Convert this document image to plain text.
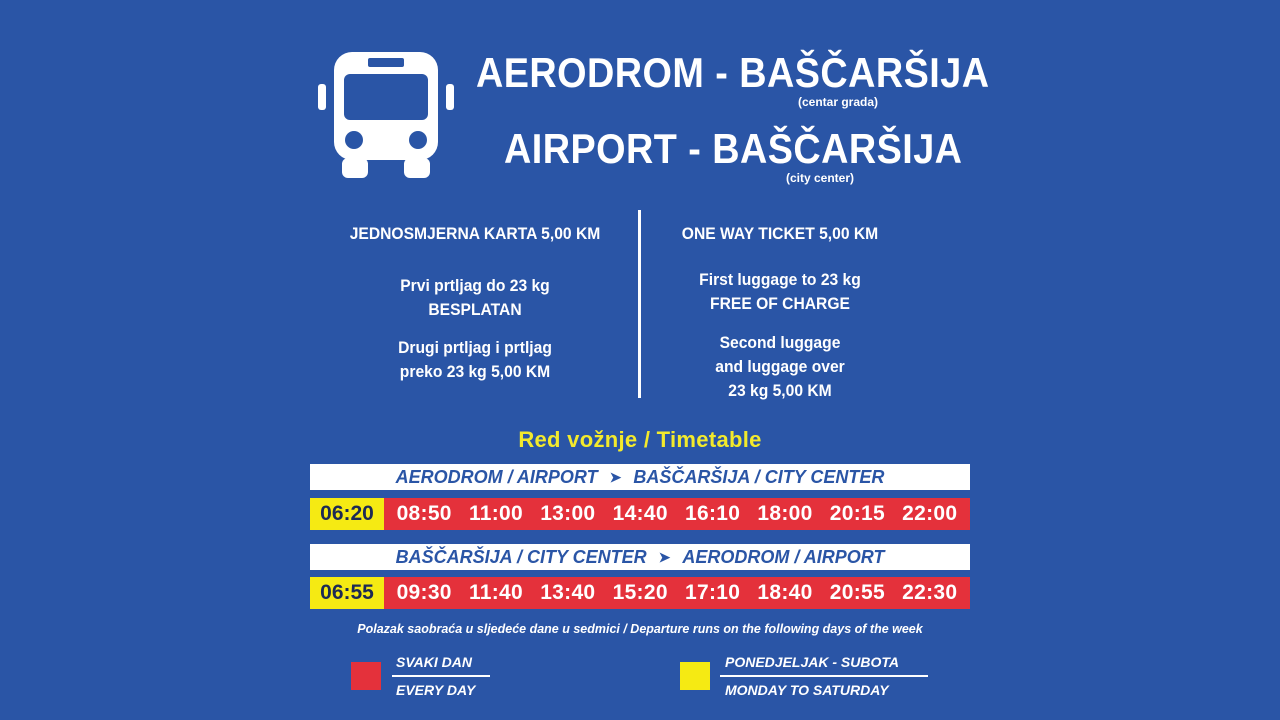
AERODROM - BAŠČARŠIJA
(centar grada)
AIRPORT - BAŠČARŠIJA
(city center)
JEDNOSMJERNA KARTA 5,00 KM
Prvi prtljag do 23 kg
BESPLATAN
Drugi prtljag i prtljag
preko 23 kg 5,00 KM
ONE WAY TICKET 5,00 KM
First luggage to 23 kg
FREE OF CHARGE
Second luggage
and luggage over
23 kg 5,00 KM
Red vožnje / Timetable
AERODROM / AIRPORT ➤ BAŠČARŠIJA / CITY CENTER
06:20	08:50 11:00 13:00 14:40 16:10 18:00 20:15 22:00
BAŠČARŠIJA / CITY CENTER ➤ AERODROM / AIRPORT
06:55	09:30 11:40 13:40 15:20 17:10 18:40 20:55 22:30
Polazak saobraća u sljedeće dane u sedmici / Departure runs on the following days of the week
SVAKI DAN
EVERY DAY
PONEDJELJAK - SUBOTA
MONDAY TO SATURDAY
